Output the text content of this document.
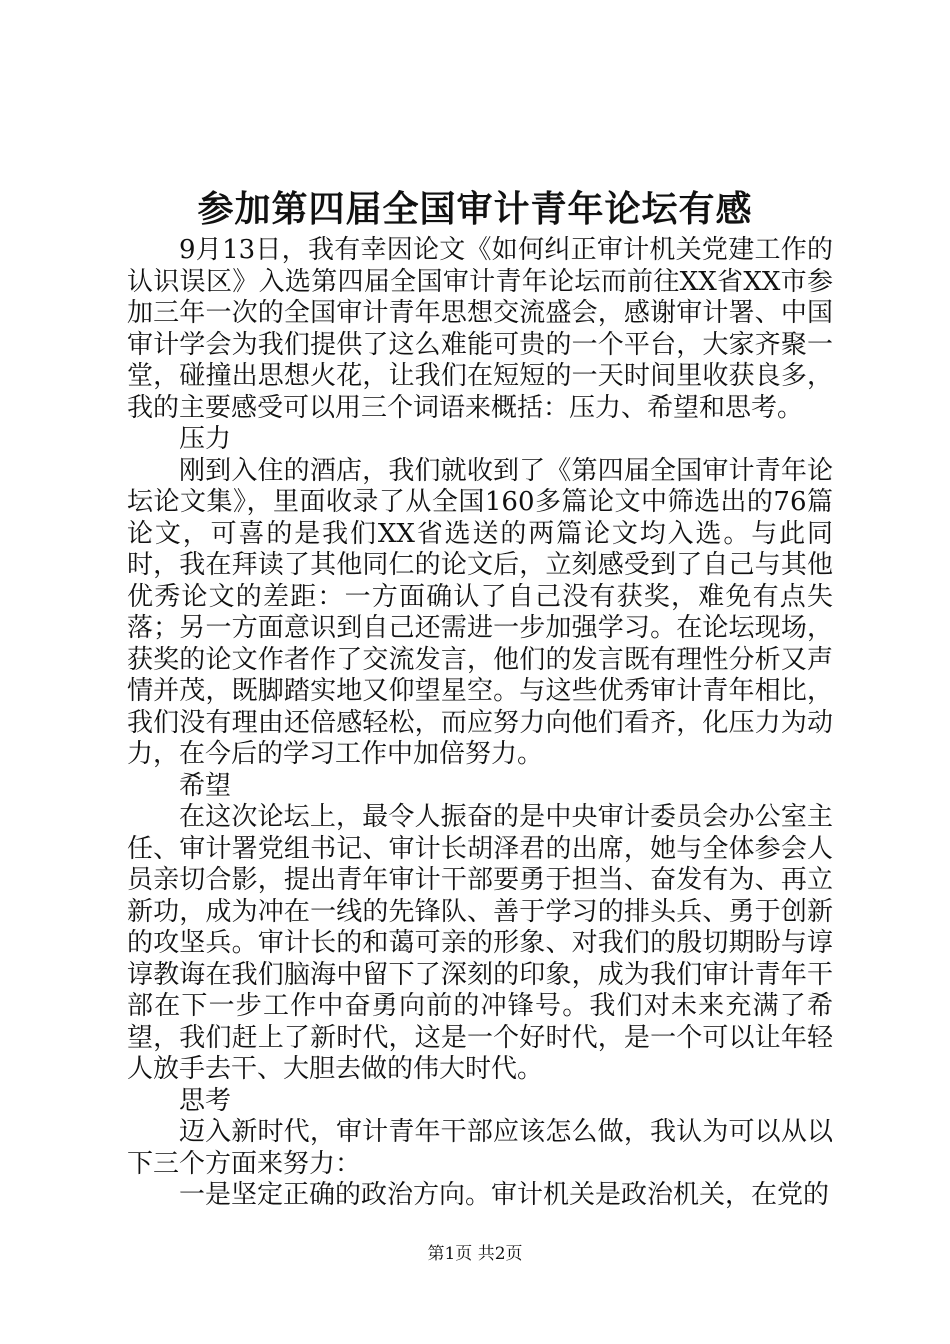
参加第四届全国审计青年论坛有感

9月13日，我有幸因论文《如何纠正审计机关党建工作的认识误区》入选第四届全国审计青年论坛而前往XX省XX市参加三年一次的全国审计青年思想交流盛会，感谢审计署、中国审计学会为我们提供了这么难能可贵的一个平台，大家齐聚一堂，碰撞出思想火花，让我们在短短的一天时间里收获良多，我的主要感受可以用三个词语来概括：压力、希望和思考。

压力

刚到入住的酒店，我们就收到了《第四届全国审计青年论坛论文集》，里面收录了从全国160多篇论文中筛选出的76篇论文，可喜的是我们XX省选送的两篇论文均入选。与此同时，我在拜读了其他同仁的论文后，立刻感受到了自己与其他优秀论文的差距：一方面确认了自己没有获奖，难免有点失落；另一方面意识到自己还需进一步加强学习。在论坛现场，获奖的论文作者作了交流发言，他们的发言既有理性分析又声情并茂，既脚踏实地又仰望星空。与这些优秀审计青年相比，我们没有理由还倍感轻松，而应努力向他们看齐，化压力为动力，在今后的学习工作中加倍努力。

希望

在这次论坛上，最令人振奋的是中央审计委员会办公室主任、审计署党组书记、审计长胡泽君的出席，她与全体参会人员亲切合影，提出青年审计干部要勇于担当、奋发有为、再立新功，成为冲在一线的先锋队、善于学习的排头兵、勇于创新的攻坚兵。审计长的和蔼可亲的形象、对我们的殷切期盼与谆谆教诲在我们脑海中留下了深刻的印象，成为我们审计青年干部在下一步工作中奋勇向前的冲锋号。我们对未来充满了希望，我们赶上了新时代，这是一个好时代，是一个可以让年轻人放手去干、大胆去做的伟大时代。

思考

迈入新时代，审计青年干部应该怎么做，我认为可以从以下三个方面来努力：

一是坚定正确的政治方向。审计机关是政治机关，在党的

第1页 共2页
